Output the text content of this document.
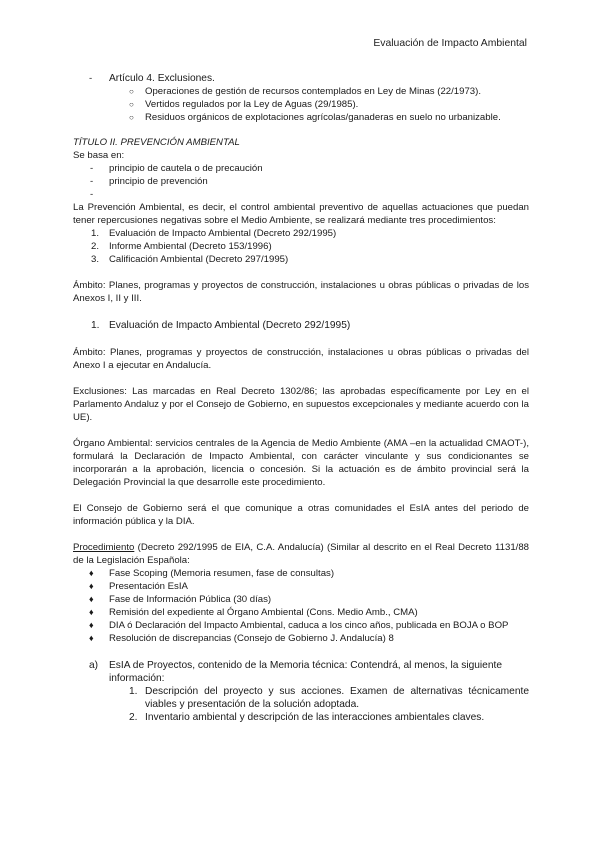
Evaluación de Impacto Ambiental
-	Artículo 4. Exclusiones.
○	Operaciones de gestión de recursos contemplados en Ley de Minas (22/1973).
○	Vertidos regulados por la Ley de Aguas (29/1985).
○	Residuos orgánicos de explotaciones agrícolas/ganaderas en suelo no urbanizable.

TÍTULO II. PREVENCIÓN AMBIENTAL

Se basa en:

-	principio de cautela o de precaución
-	principio de prevención
-

La Prevención Ambiental, es decir, el control ambiental preventivo de aquellas actuaciones que puedan tener repercusiones negativas sobre el Medio Ambiente, se realizará mediante tres procedimientos:

1.	Evaluación de Impacto Ambiental (Decreto 292/1995)
2.	Informe Ambiental (Decreto 153/1996)
3.	Calificación Ambiental (Decreto 297/1995)

Ámbito: Planes, programas y proyectos de construcción, instalaciones u obras públicas o privadas de los Anexos I, II y III.

1. Evaluación de Impacto Ambiental (Decreto 292/1995)

Ámbito: Planes, programas y proyectos de construcción, instalaciones u obras públicas o privadas del Anexo I a ejecutar en Andalucía.

Exclusiones: Las marcadas en Real Decreto 1302/86; las aprobadas específicamente por Ley en el Parlamento Andaluz y por el Consejo de Gobierno, en supuestos excepcionales y mediante acuerdo con la UE).

Órgano Ambiental: servicios centrales de la Agencia de Medio Ambiente (AMA –en la actualidad CMAOT-), formulará la Declaración de Impacto Ambiental, con carácter vinculante y sus condicionantes se incorporarán a la aprobación, licencia o concesión. Si la actuación es de ámbito provincial será la Delegación Provincial la que desarrolle este procedimiento.

El Consejo de Gobierno será el que comunique a otras comunidades el EsIA antes del periodo de información pública y la DIA.

Procedimiento (Decreto 292/1995 de EIA, C.A. Andalucía) (Similar al descrito en el Real Decreto 1131/88 de la Legislación Española:

♦	Fase Scoping (Memoria resumen, fase de consultas)
♦	Presentación EsIA
♦	Fase de Información Pública (30 días)
♦	Remisión del expediente al Órgano Ambiental (Cons. Medio Amb., CMA)
♦	DIA ó Declaración del Impacto Ambiental, caduca a los cinco años, publicada en BOJA o BOP
♦	Resolución de discrepancias (Consejo de Gobierno J. Andalucía) 8
a)	EsIA de Proyectos, contenido de la Memoria técnica: Contendrá, al menos, la siguiente información:
1. Descripción del proyecto y sus acciones. Examen de alternativas técnicamente viables y presentación de la solución adoptada.
2. Inventario ambiental y descripción de las interacciones ambientales claves.
